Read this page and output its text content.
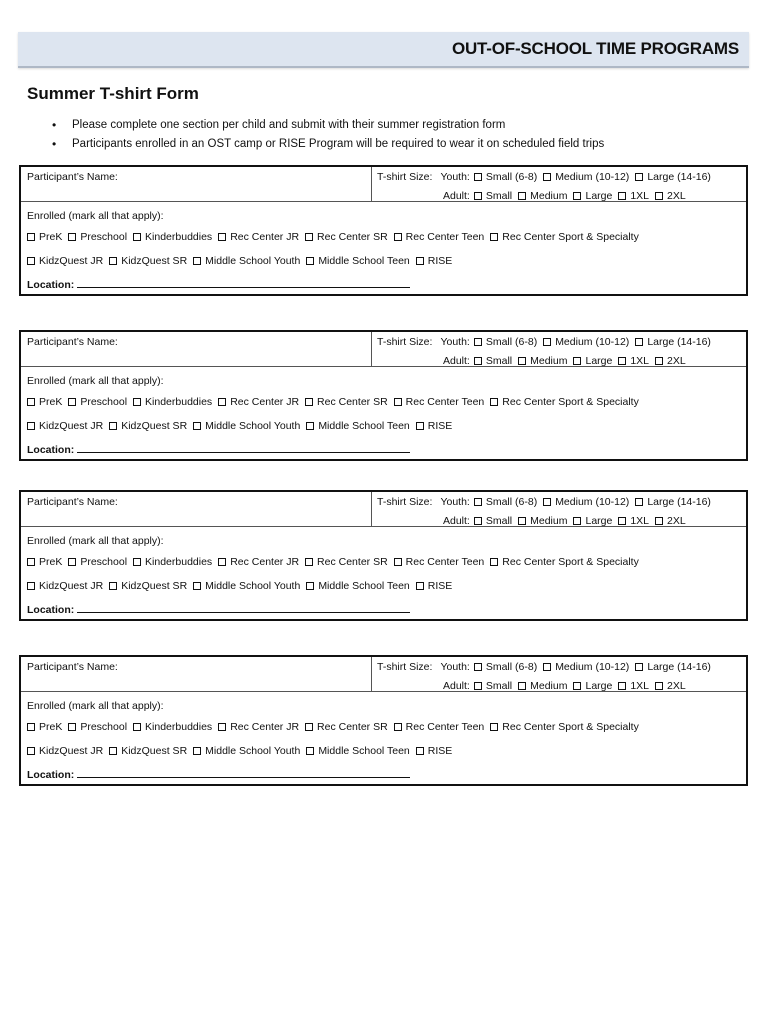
OUT-OF-SCHOOL TIME PROGRAMS
Summer T-shirt Form
• Please complete one section per child and submit with their summer registration form
• Participants enrolled in an OST camp or RISE Program will be required to wear it on scheduled field trips
Participant’s Name:	T-shirt Size: Youth: Small (6-8) Medium (10-12) Large (14-16)
Adult: Small Medium Large 1XL 2XL
Enrolled (mark all that apply):
PreK Preschool Kinderbuddies Rec Center JR Rec Center SR Rec Center Teen Rec Center Sport & Specialty
KidzQuest JR KidzQuest SR Middle School Youth Middle School Teen RISE
Location:
Participant’s Name:	T-shirt Size: Youth: Small (6-8) Medium (10-12) Large (14-16)
Adult: Small Medium Large 1XL 2XL
Enrolled (mark all that apply):
PreK Preschool Kinderbuddies Rec Center JR Rec Center SR Rec Center Teen Rec Center Sport & Specialty
KidzQuest JR KidzQuest SR Middle School Youth Middle School Teen RISE
Location:
Participant’s Name:	T-shirt Size: Youth: Small (6-8) Medium (10-12) Large (14-16)
Adult: Small Medium Large 1XL 2XL
Enrolled (mark all that apply):
PreK Preschool Kinderbuddies Rec Center JR Rec Center SR Rec Center Teen Rec Center Sport & Specialty
KidzQuest JR KidzQuest SR Middle School Youth Middle School Teen RISE
Location:
Participant’s Name:	T-shirt Size: Youth: Small (6-8) Medium (10-12) Large (14-16)
Adult: Small Medium Large 1XL 2XL
Enrolled (mark all that apply):
PreK Preschool Kinderbuddies Rec Center JR Rec Center SR Rec Center Teen Rec Center Sport & Specialty
KidzQuest JR KidzQuest SR Middle School Youth Middle School Teen RISE
Location:
